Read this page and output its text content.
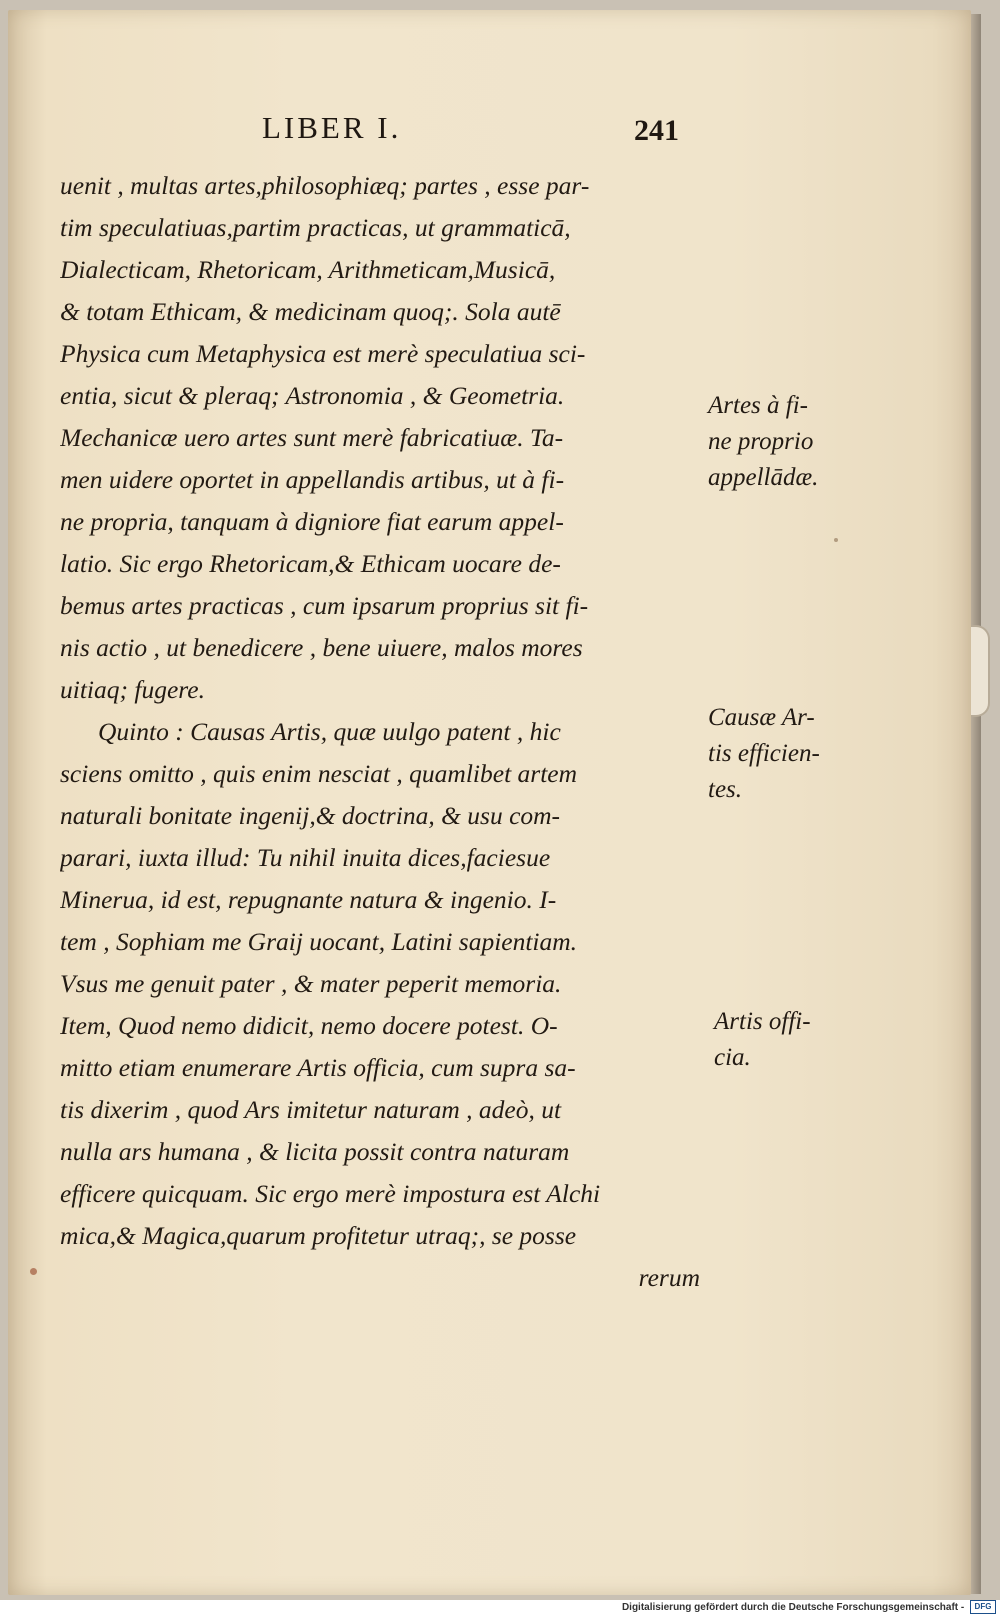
LIBER I.	241
uenit , multas artes,philosophiæq; partes , esse par-
tim speculatiuas,partim practicas, ut grammaticā,
Dialecticam, Rhetoricam, Arithmeticam,Musicā,
& totam Ethicam, & medicinam quoq;. Sola autē
Physica cum Metaphysica est merè speculatiua sci-
entia, sicut & pleraq; Astronomia , & Geometria.
Mechanicæ uero artes sunt merè fabricatiuæ. Ta-
men uidere oportet in appellandis artibus, ut à fi-
ne propria, tanquam à digniore fiat earum appel-
latio. Sic ergo Rhetoricam,& Ethicam uocare de-
bemus artes practicas , cum ipsarum proprius sit fi-
nis actio , ut benedicere , bene uiuere, malos mores
uitiaq; fugere.
Quinto : Causas Artis, quæ uulgo patent , hic
sciens omitto , quis enim nesciat , quamlibet artem
naturali bonitate ingenij,& doctrina, & usu com-
parari, iuxta illud: Tu nihil inuita dices,faciesue
Minerua, id est, repugnante natura & ingenio. I-
tem , Sophiam me Graij uocant, Latini sapientiam.
Vsus me genuit pater , & mater peperit memoria.
Item, Quod nemo didicit, nemo docere potest. O-
mitto etiam enumerare Artis officia, cum supra sa-
tis dixerim , quod Ars imitetur naturam , adeò, ut
nulla ars humana , & licita possit contra naturam
efficere quicquam. Sic ergo merè impostura est Alchi
mica,& Magica,quarum profitetur utraq;, se posse
rerum
Artes à fi-
ne proprio
appellādæ.
Causæ Ar-
tis efficien-
tes.
Artis offi-
cia.
Digitalisierung gefördert durch die Deutsche Forschungsgemeinschaft - DFG
